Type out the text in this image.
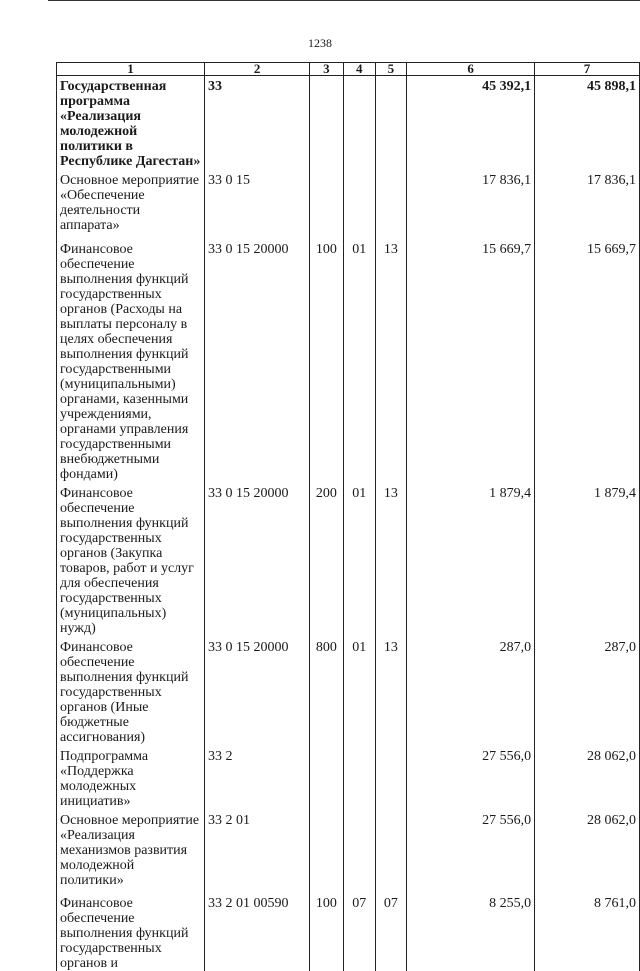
1238
1	2	3	4	5	6	7
Государственная программа «Реализация молодежной политики в Республике Дагестан»	33				45 392,1	45 898,1
Основное мероприятие «Обеспечение деятельности аппарата»	33 0 15				17 836,1	17 836,1
Финансовое обеспечение выполнения функций государственных органов (Расходы на выплаты персоналу в целях обеспечения выполнения функций государственными (муниципальными) органами, казенными учреждениями, органами управления государственными внебюджетными фондами)	33 0 15 20000	100	01	13	15 669,7	15 669,7
Финансовое обеспечение выполнения функций государственных органов (Закупка товаров, работ и услуг для обеспечения государственных (муниципальных) нужд)	33 0 15 20000	200	01	13	1 879,4	1 879,4
Финансовое обеспечение выполнения функций государственных органов (Иные бюджетные ассигнования)	33 0 15 20000	800	01	13	287,0	287,0
Подпрограмма «Поддержка молодежных инициатив»	33 2				27 556,0	28 062,0
Основное мероприятие «Реализация механизмов развития молодежной политики»	33 2 01				27 556,0	28 062,0
Финансовое обеспечение выполнения функций государственных органов и	33 2 01 00590	100	07	07	8 255,0	8 761,0
